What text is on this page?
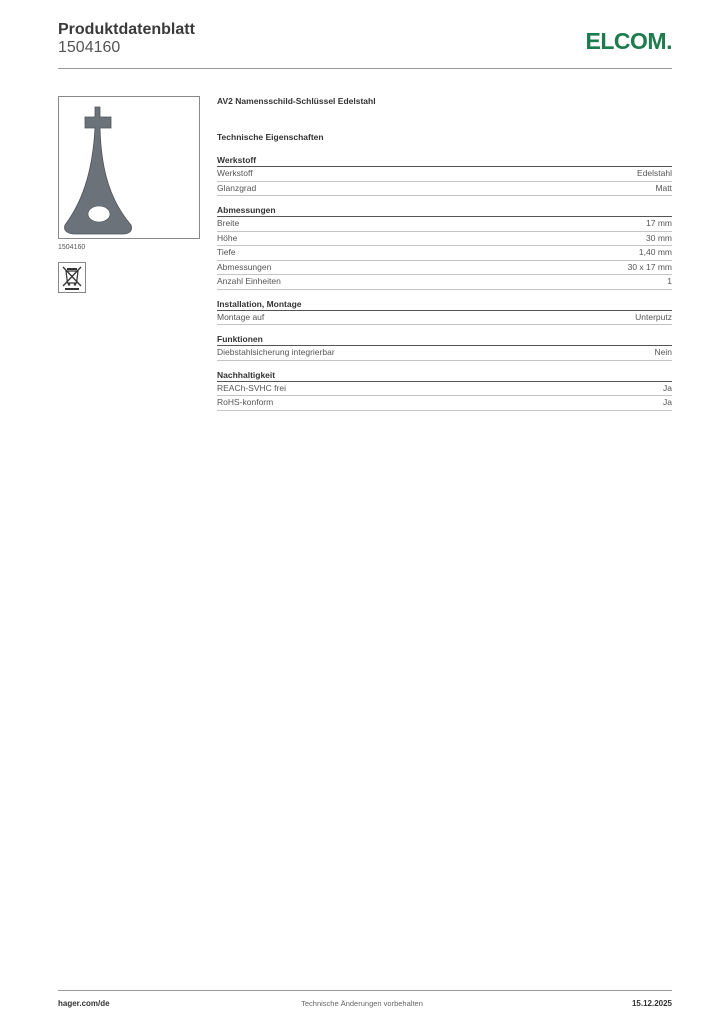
Produktdatenblatt
1504160	ELCOM.
1504160
AV2 Namensschild-Schlüssel Edelstahl
Technische Eigenschaften
Werkstoff
Werkstoff	Edelstahl
Glanzgrad	Matt
Abmessungen
Breite	17 mm
Höhe	30 mm
Tiefe	1,40 mm
Abmessungen	30 x 17 mm
Anzahl Einheiten	1
Installation, Montage
Montage auf	Unterputz
Funktionen
Diebstahlsicherung integrierbar	Nein
Nachhaltigkeit
REACh-SVHC frei	Ja
RoHS-konform	Ja
hager.com/de	Technische Änderungen vorbehalten	15.12.2025
